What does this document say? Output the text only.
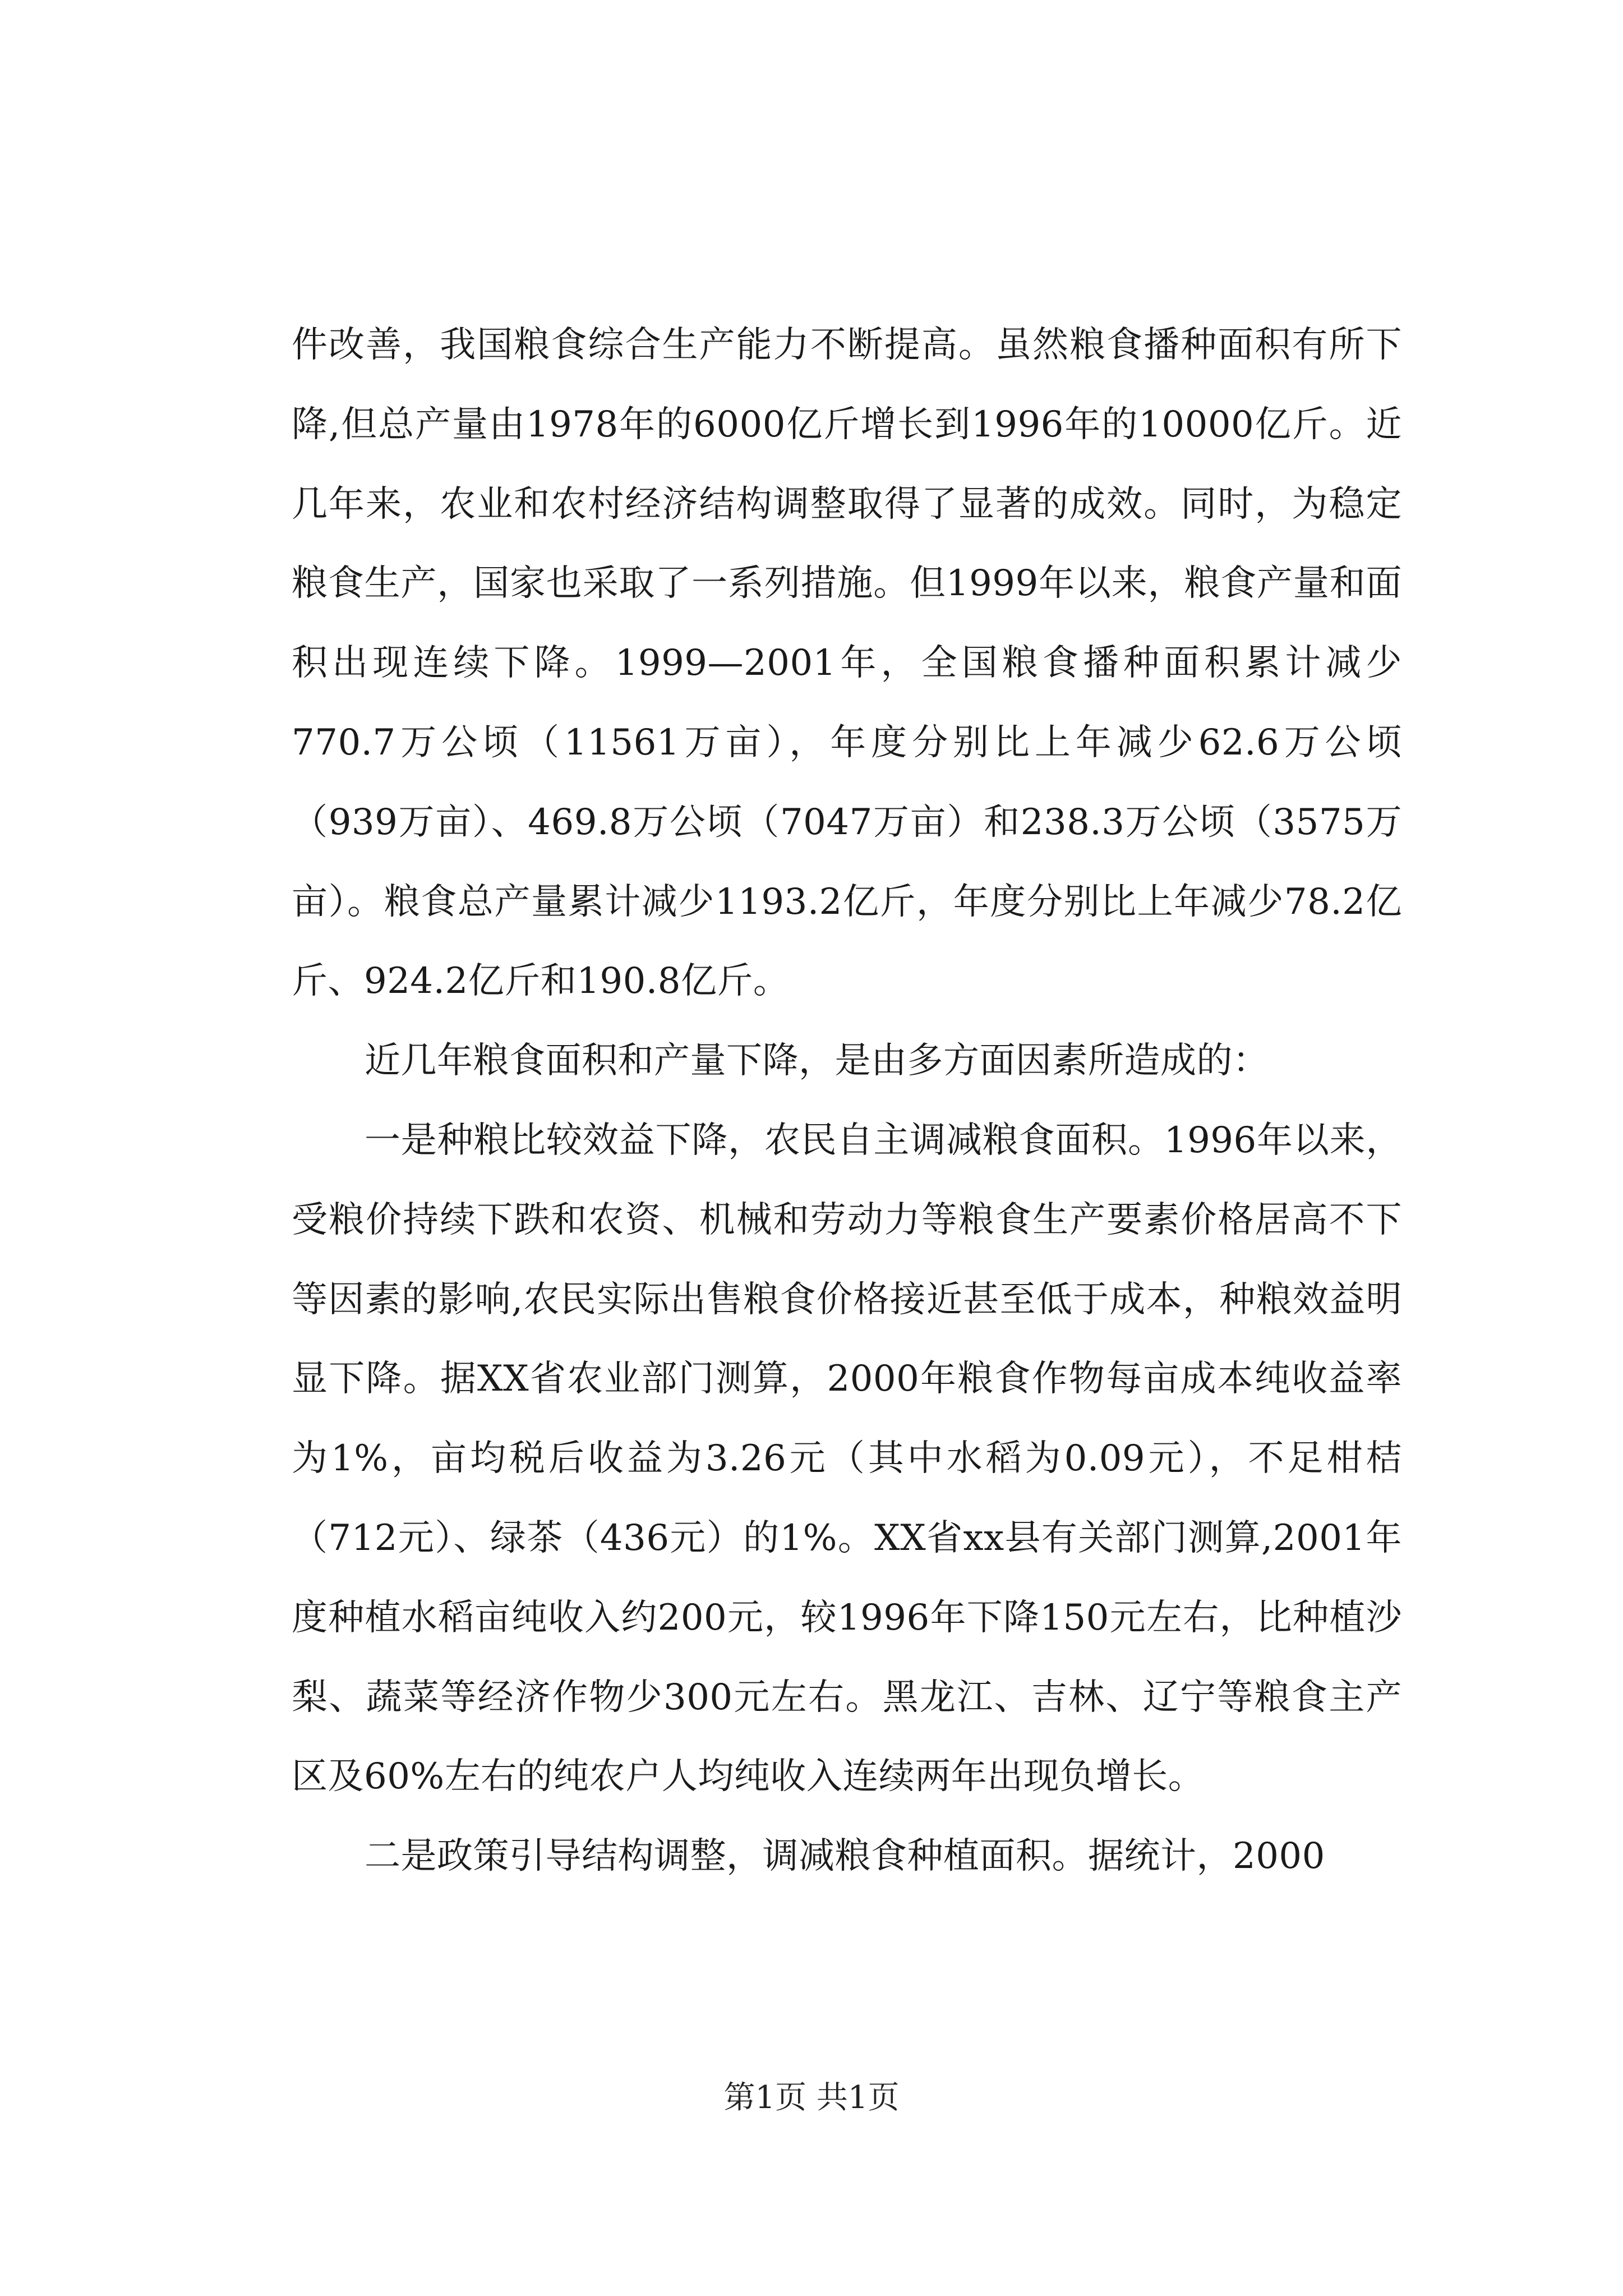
件改善，我国粮食综合生产能力不断提高。虽然粮食播种面积有所下降,但总产量由1978年的6000亿斤增长到1996年的10000亿斤。近几年来，农业和农村经济结构调整取得了显著的成效。同时，为稳定粮食生产，国家也采取了一系列措施。但1999年以来，粮食产量和面积出现连续下降。1999—2001年，全国粮食播种面积累计减少770.7万公顷（11561万亩），年度分别比上年减少62.6万公顷（939万亩）、469.8万公顷（7047万亩）和238.3万公顷（3575万亩）。粮食总产量累计减少1193.2亿斤，年度分别比上年减少78.2亿斤、924.2亿斤和190.8亿斤。

近几年粮食面积和产量下降，是由多方面因素所造成的：

一是种粮比较效益下降，农民自主调减粮食面积。1996年以来，受粮价持续下跌和农资、机械和劳动力等粮食生产要素价格居高不下等因素的影响,农民实际出售粮食价格接近甚至低于成本，种粮效益明显下降。据XX省农业部门测算，2000年粮食作物每亩成本纯收益率为1%，亩均税后收益为3.26元（其中水稻为0.09元），不足柑桔（712元）、绿茶（436元）的1%。XX省xx县有关部门测算,2001年度种植水稻亩纯收入约200元，较1996年下降150元左右，比种植沙梨、蔬菜等经济作物少300元左右。黑龙江、吉林、辽宁等粮食主产区及60%左右的纯农户人均纯收入连续两年出现负增长。

二是政策引导结构调整，调减粮食种植面积。据统计，2000

第1页 共1页
